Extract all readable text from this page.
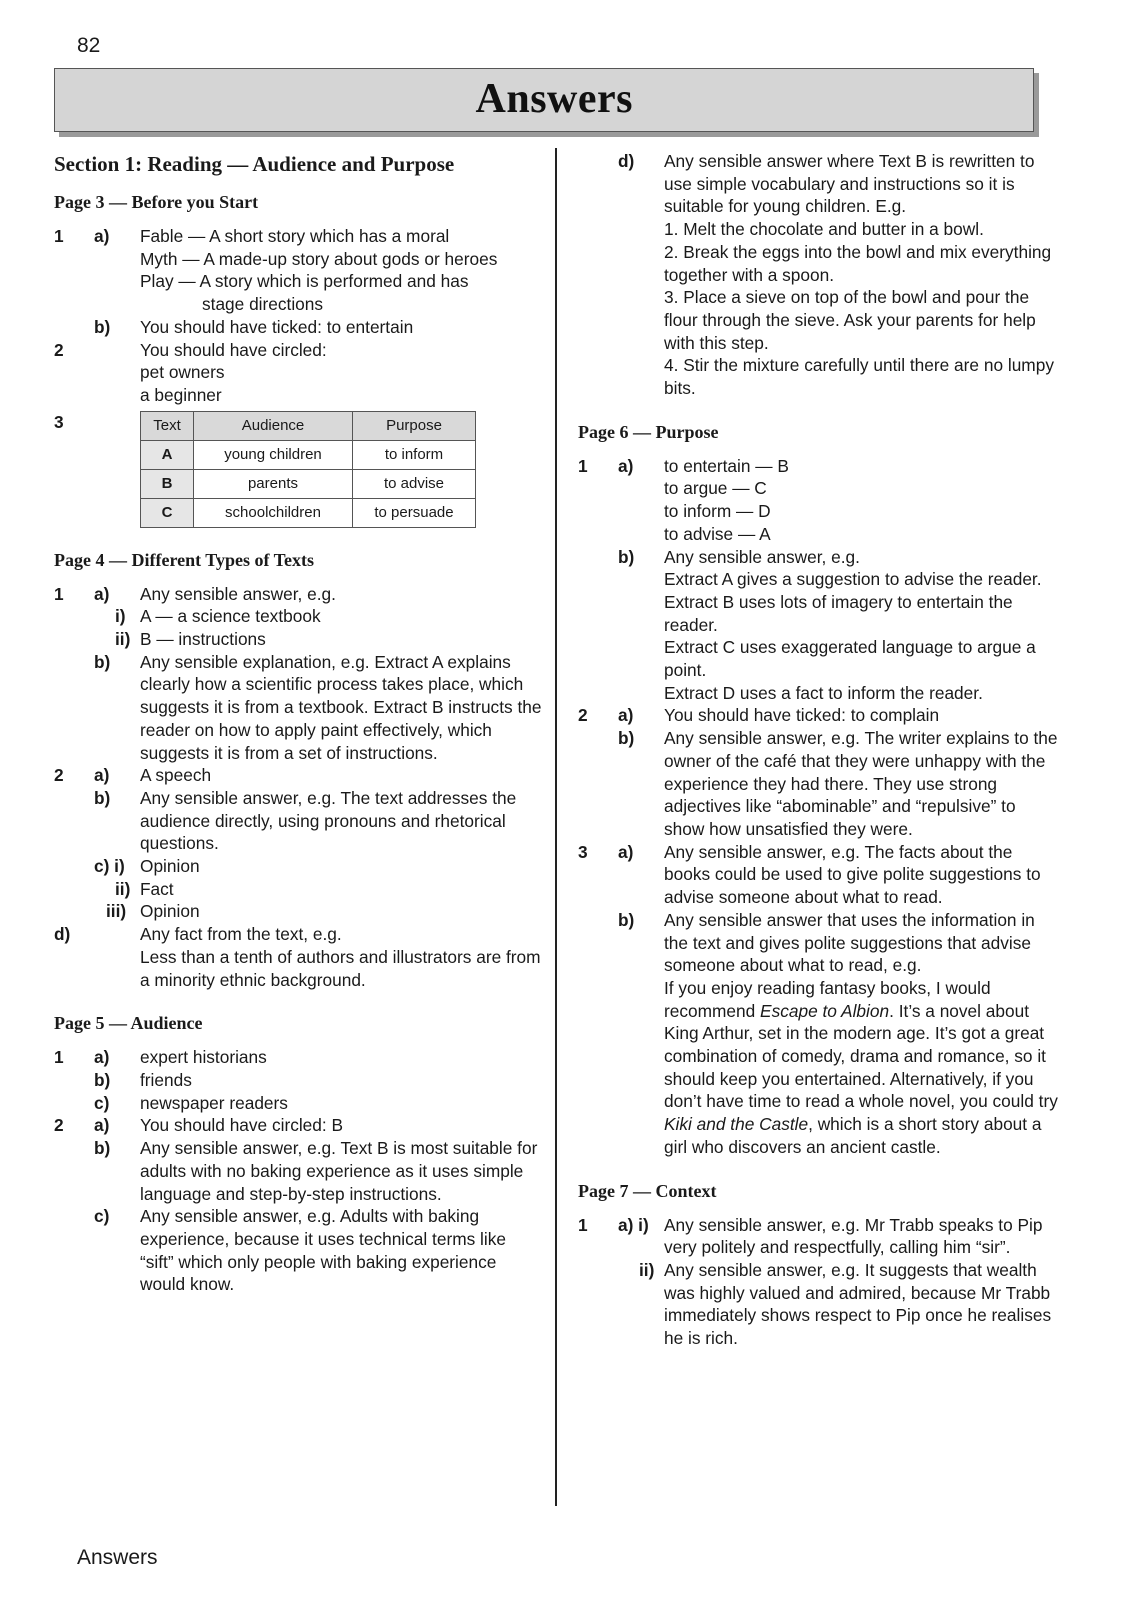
82
Answers
Section 1: Reading — Audience and Purpose
Page 3 — Before you Start
1 a) Fable — A short story which has a moral
Myth — A made-up story about gods or heroes
Play — A story which is performed and has
stage directions
b) You should have ticked: to entertain
2	You should have circled:
pet owners
a beginner
3	Text	Audience	Purpose
A	young children	to inform
B	parents	to advise
C	schoolchildren	to persuade
Page 4 — Different Types of Texts
1 a) Any sensible answer, e.g.
i) A — a science textbook
ii) B — instructions
b) Any sensible explanation, e.g. Extract A explains clearly how a scientific process takes place, which suggests it is from a textbook. Extract B instructs the reader on how to apply paint effectively, which suggests it is from a set of instructions.
2 a) A speech
b) Any sensible answer, e.g. The text addresses the audience directly, using pronouns and rhetorical questions.
c) i) Opinion
ii) Fact
iii) Opinion
d)	Any fact from the text, e.g.
Less than a tenth of authors and illustrators are from a minority ethnic background.
Page 5 — Audience
1 a) expert historians
b) friends
c) newspaper readers
2 a) You should have circled: B
b) Any sensible answer, e.g. Text B is most suitable for adults with no baking experience as it uses simple language and step-by-step instructions.
c) Any sensible answer, e.g. Adults with baking experience, because it uses technical terms like “sift” which only people with baking experience would know.
d) Any sensible answer where Text B is rewritten to use simple vocabulary and instructions so it is suitable for young children. E.g.
1. Melt the chocolate and butter in a bowl.
2. Break the eggs into the bowl and mix everything together with a spoon.
3. Place a sieve on top of the bowl and pour the flour through the sieve. Ask your parents for help with this step.
4. Stir the mixture carefully until there are no lumpy bits.
Page 6 — Purpose
1 a) to entertain — B
to argue — C
to inform — D
to advise — A
b) Any sensible answer, e.g.
Extract A gives a suggestion to advise the reader.
Extract B uses lots of imagery to entertain the reader.
Extract C uses exaggerated language to argue a point.
Extract D uses a fact to inform the reader.
2 a) You should have ticked: to complain
b) Any sensible answer, e.g. The writer explains to the owner of the café that they were unhappy with the experience they had there. They use strong adjectives like “abominable” and “repulsive” to show how unsatisfied they were.
3 a) Any sensible answer, e.g. The facts about the books could be used to give polite suggestions to advise someone about what to read.
b) Any sensible answer that uses the information in the text and gives polite suggestions that advise someone about what to read, e.g.
If you enjoy reading fantasy books, I would recommend Escape to Albion. It’s a novel about King Arthur, set in the modern age. It’s got a great combination of comedy, drama and romance, so it should keep you entertained. Alternatively, if you don’t have time to read a whole novel, you could try Kiki and the Castle, which is a short story about a girl who discovers an ancient castle.
Page 7 — Context
1 a) i) Any sensible answer, e.g. Mr Trabb speaks to Pip very politely and respectfully, calling him “sir”.
ii) Any sensible answer, e.g. It suggests that wealth was highly valued and admired, because Mr Trabb immediately shows respect to Pip once he realises he is rich.
Answers
